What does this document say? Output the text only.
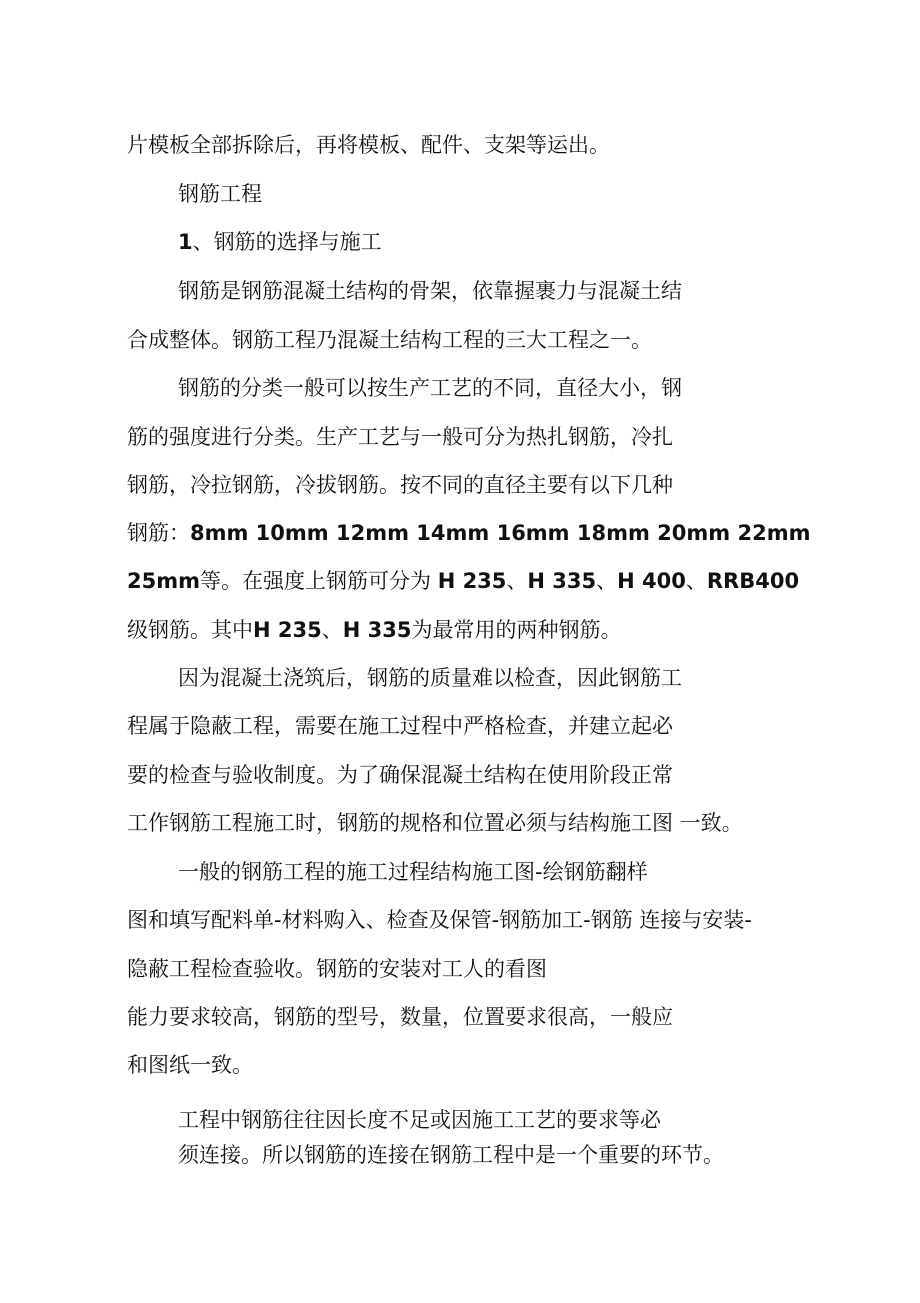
片模板全部拆除后，再将模板、配件、支架等运出。
钢筋工程
1、钢筋的选择与施工
钢筋是钢筋混凝土结构的骨架，依靠握裹力与混凝土结
合成整体。钢筋工程乃混凝土结构工程的三大工程之一。
钢筋的分类一般可以按生产工艺的不同，直径大小，钢
筋的强度进行分类。生产工艺与一般可分为热扎钢筋，冷扎
钢筋，冷拉钢筋，冷拔钢筋。按不同的直径主要有以下几种
钢筋：8mm 10mm 12mm 14mm 16mm 18mm 20mm 22mm
25mm等。在强度上钢筋可分为 H 235、H 335、H 400、RRB400
级钢筋。其中H 235、H 335为最常用的两种钢筋。
因为混凝土浇筑后，钢筋的质量难以检查，因此钢筋工
程属于隐蔽工程，需要在施工过程中严格检查，并建立起必
要的检查与验收制度。为了确保混凝土结构在使用阶段正常
工作钢筋工程施工时，钢筋的规格和位置必须与结构施工图 一致。
一般的钢筋工程的施工过程结构施工图-绘钢筋翻样
图和填写配料单-材料购入、检查及保管-钢筋加工-钢筋 连接与安装-
隐蔽工程检查验收。钢筋的安装对工人的看图
能力要求较高，钢筋的型号，数量，位置要求很高，一般应
和图纸一致。
工程中钢筋往往因长度不足或因施工工艺的要求等必
须连接。所以钢筋的连接在钢筋工程中是一个重要的环节。
